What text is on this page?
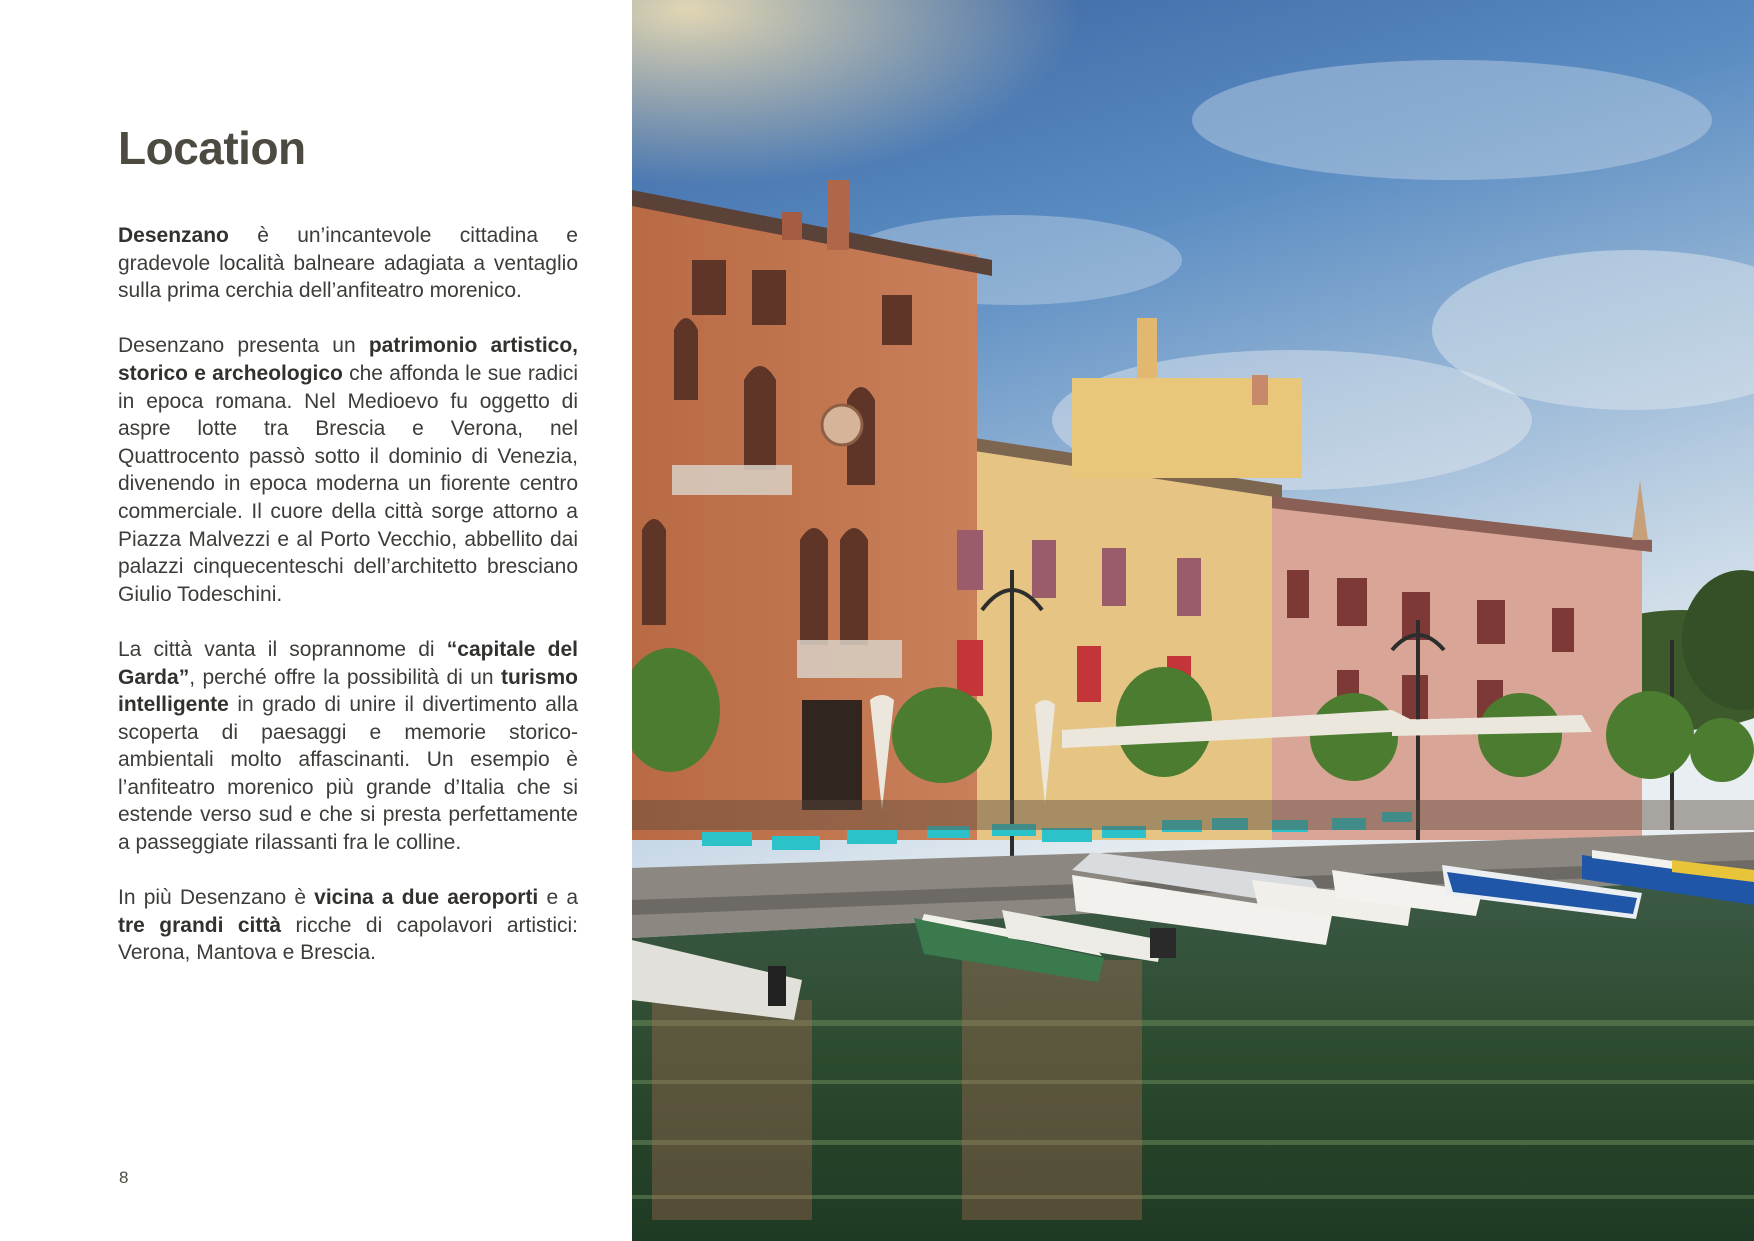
Location

Desenzano è un’incantevole cittadina e gradevole località balneare adagiata a ventaglio sulla prima cerchia dell’anfiteatro morenico.

Desenzano presenta un patrimonio artistico, storico e archeologico che affonda le sue radici in epoca romana. Nel Medioevo fu oggetto di aspre lotte tra Brescia e Verona, nel Quattrocento passò sotto il dominio di Venezia, divenendo in epoca moderna un fiorente centro commerciale. Il cuore della città sorge attorno a Piazza Malvezzi e al Porto Vecchio, abbellito dai palazzi cinquecenteschi dell’architetto bresciano Giulio Todeschini.

La città vanta il soprannome di “capitale del Garda”, perché offre la possibilità di un turismo intelligente in grado di unire il divertimento alla scoperta di paesaggi e memorie storico-ambientali molto affascinanti. Un esempio è l’anfiteatro morenico più grande d’Italia che si estende verso sud e che si presta perfettamente a passeggiate rilassanti fra le colline.

In più Desenzano è vicina a due aeroporti e a tre grandi città ricche di capolavori artistici: Verona, Mantova e Brescia.

8
